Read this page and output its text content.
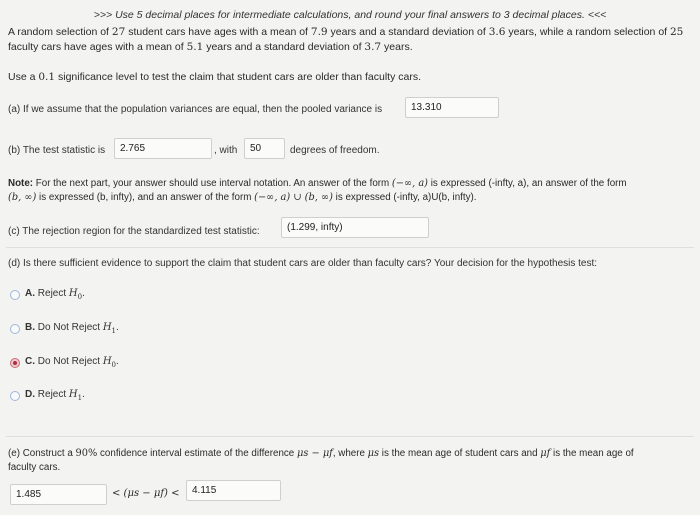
>>> Use 5 decimal places for intermediate calculations, and round your final answers to 3 decimal places. <<<
A random selection of 27 student cars have ages with a mean of 7.9 years and a standard deviation of 3.6 years, while a random selection of 25
faculty cars have ages with a mean of 5.1 years and a standard deviation of 3.7 years.
Use a 0.1 significance level to test the claim that student cars are older than faculty cars.
(a) If we assume that the population variances are equal, then the pooled variance is	13.310
(b) The test statistic is	2.765	, with	50	degrees of freedom.
Note: For the next part, your answer should use interval notation. An answer of the form (−∞, a) is expressed (-infty, a), an answer of the form
(b, ∞) is expressed (b, infty), and an answer of the form (−∞, a) ∪ (b, ∞) is expressed (-infty, a)U(b, infty).
(c) The rejection region for the standardized test statistic:	(1.299, infty)
(d) Is there sufficient evidence to support the claim that student cars are older than faculty cars? Your decision for the hypothesis test:
A. Reject $H_0$.
B. Do Not Reject $H_1$.
C. Do Not Reject $H_0$.
D. Reject $H_1$.
(e) Construct a 90% confidence interval estimate of the difference μs − μf, where μs is the mean age of student cars and μf is the mean age of
faculty cars.
1.485	< (μs − μf) <	4.115
